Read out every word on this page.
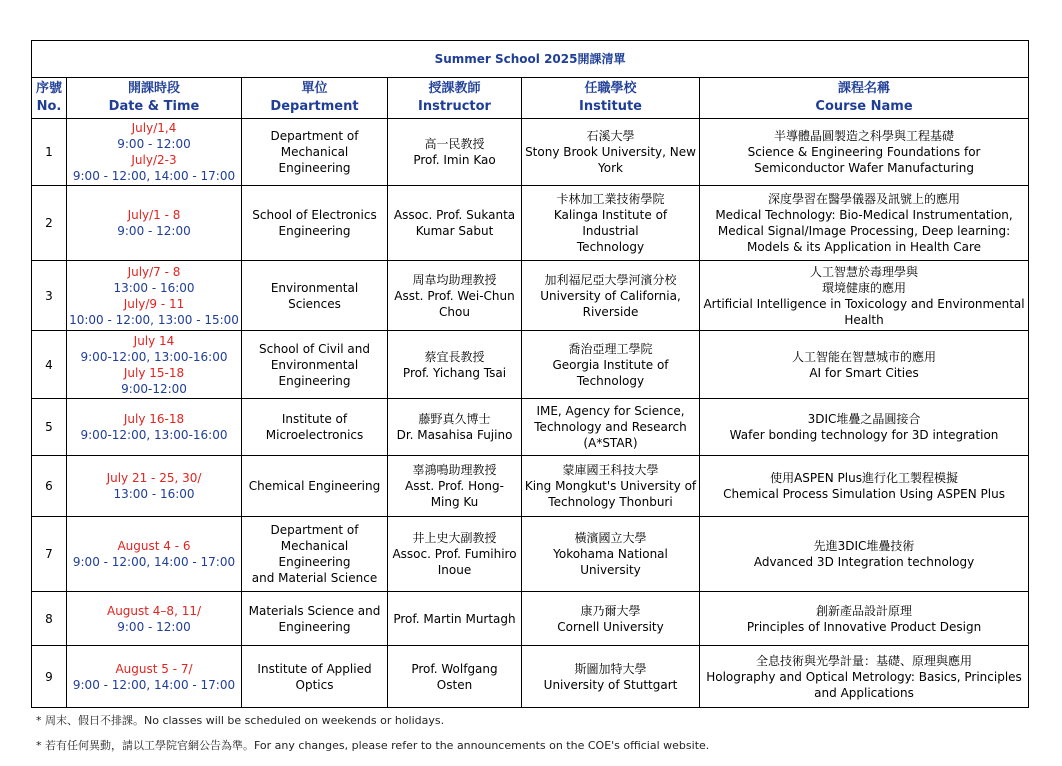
Summer School 2025開課清單					

序號
No.	開課時段
Date & Time	單位
Department	授課教師
Instructor	任職學校
Institute	課程名稱
Course Name

1	July/1,4
9:00 - 12:00
July/2-3
9:00 - 12:00, 14:00 - 17:00	Department of
Mechanical Engineering	高一民教授
Prof. Imin Kao	石溪大學
Stony Brook University, New
York	半導體晶圓製造之科學與工程基礎
Science & Engineering Foundations for
Semiconductor Wafer Manufacturing

2	July/1 - 8
9:00 - 12:00	School of Electronics
Engineering	Assoc. Prof. Sukanta
Kumar Sabut	卡林加工業技術學院
Kalinga Institute of Industrial
Technology	深度學習在醫學儀器及訊號上的應用
Medical Technology: Bio-Medical Instrumentation,
Medical Signal/Image Processing, Deep learning:
Models & its Application in Health Care

3	July/7 - 8
13:00 - 16:00
July/9 - 11
10:00 - 12:00, 13:00 - 15:00	Environmental Sciences	周韋均助理教授
Asst. Prof. Wei-Chun
Chou	加利福尼亞大學河濱分校
University of California,
Riverside	人工智慧於毒理學與
環境健康的應用
Artificial Intelligence in Toxicology and Environmental
Health

4	July 14
9:00-12:00, 13:00-16:00
July 15-18
9:00-12:00	School of Civil and
Environmental
Engineering	蔡宜長教授
Prof. Yichang Tsai	喬治亞理工學院
Georgia Institute of
Technology	人工智能在智慧城市的應用
AI for Smart Cities

5	July 16-18
9:00-12:00, 13:00-16:00	Institute of
Microelectronics	藤野真久博士
Dr. Masahisa Fujino	IME, Agency for Science,
Technology and Research
(A*STAR)	3DIC堆疊之晶圓接合
Wafer bonding technology for 3D integration

6	July 21 - 25, 30/
13:00 - 16:00	Chemical Engineering	辜鴻鳴助理教授
Asst. Prof. Hong-
Ming Ku	蒙庫國王科技大學
King Mongkut's University of
Technology Thonburi	使用ASPEN Plus進行化工製程模擬
Chemical Process Simulation Using ASPEN Plus

7	August 4 - 6
9:00 - 12:00, 14:00 - 17:00	Department of
Mechanical Engineering
and Material Science	井上史大副教授
Assoc. Prof. Fumihiro
Inoue	橫濱國立大學
Yokohama National
University	先進3DIC堆疊技術
Advanced 3D Integration technology

8	August 4–8, 11/
9:00 - 12:00	Materials Science and
Engineering	Prof. Martin Murtagh	康乃爾大學
Cornell University	創新產品設計原理
Principles of Innovative Product Design

9	August 5 - 7/
9:00 - 12:00, 14:00 - 17:00	Institute of Applied
Optics	Prof. Wolfgang
Osten	斯圖加特大學
University of Stuttgart	全息技術與光學計量：基礎、原理與應用
Holography and Optical Metrology: Basics, Principles
and Applications
* 周末、假日不排課。No classes will be scheduled on weekends or holidays.
* 若有任何異動，請以工學院官網公告為準。For any changes, please refer to the announcements on the COE's official website.
